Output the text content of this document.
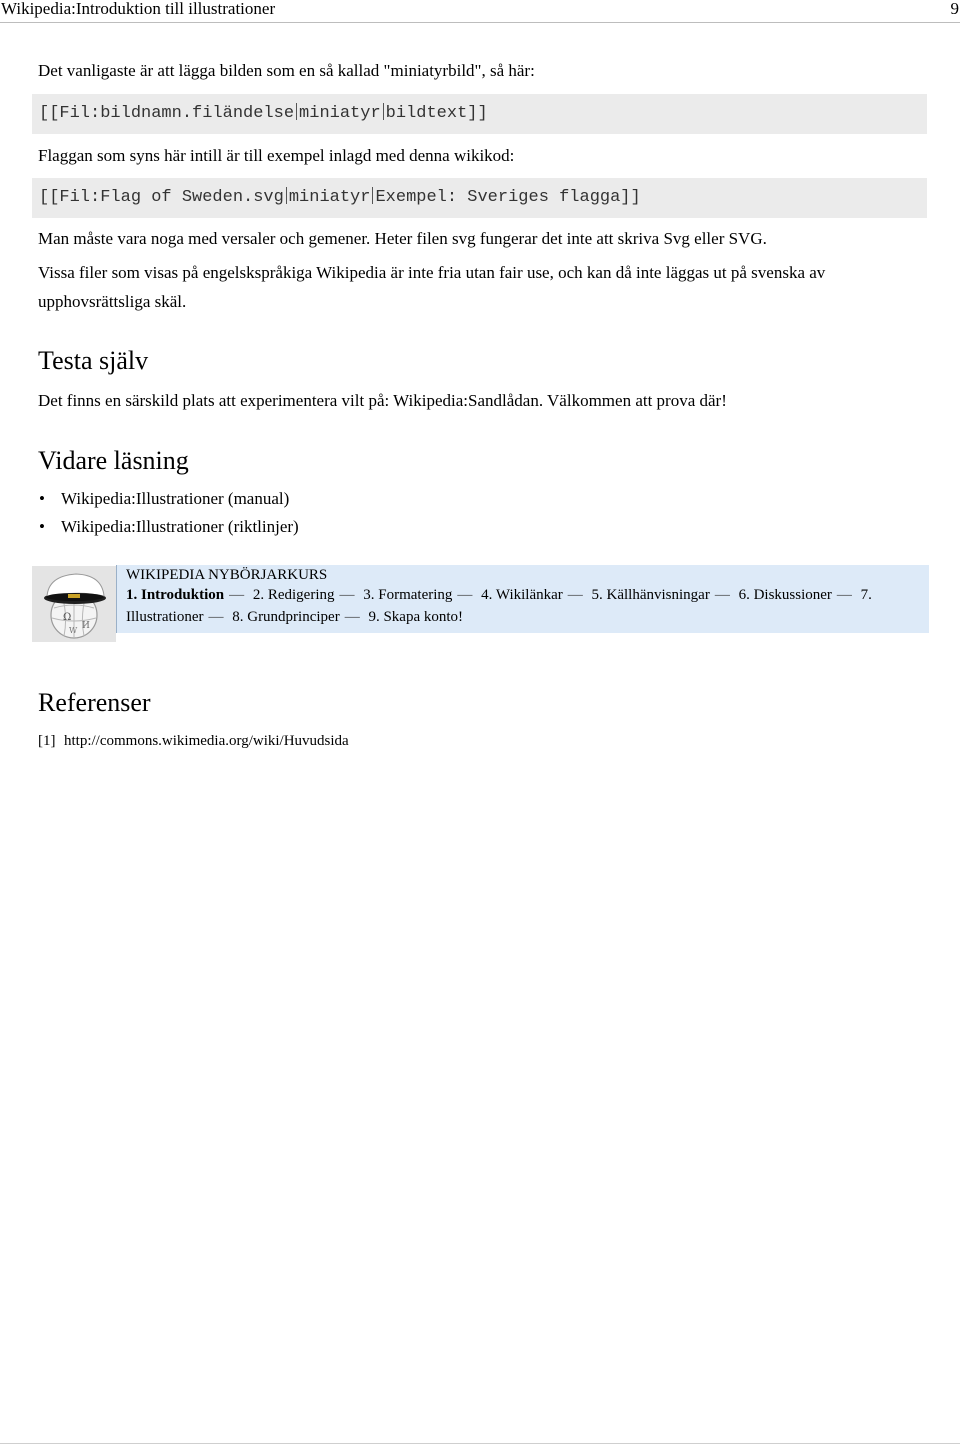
Wikipedia:Introduktion till illustrationer	9
Det vanligaste är att lägga bilden som en så kallad "miniatyrbild", så här:
[[Fil:bildnamn.filändelse miniatyr bildtext]]
Flaggan som syns här intill är till exempel inlagd med denna wikikod:
[[Fil:Flag of Sweden.svg miniatyr Exempel: Sveriges flagga]]
Man måste vara noga med versaler och gemener. Heter filen svg fungerar det inte att skriva Svg eller SVG.
Vissa filer som visas på engelskspråkiga Wikipedia är inte fria utan fair use, och kan då inte läggas ut på svenska av upphovsrättsliga skäl.
Testa själv
Det finns en särskild plats att experimentera vilt på: Wikipedia:Sandlådan. Välkommen att prova där!
Vidare läsning
• Wikipedia:Illustrationer (manual)
• Wikipedia:Illustrationer (riktlinjer)
Referenser
[1] http://commons.wikimedia.org/wiki/Huvudsida
Ω
И
W
WIKIPEDIA NYBÖRJARKURS
1. Introduktion — 2. Redigering — 3. Formatering — 4. Wikilänkar — 5. Källhänvisningar — 6. Diskussioner — 7. Illustrationer — 8. Grundprinciper — 9. Skapa konto!
